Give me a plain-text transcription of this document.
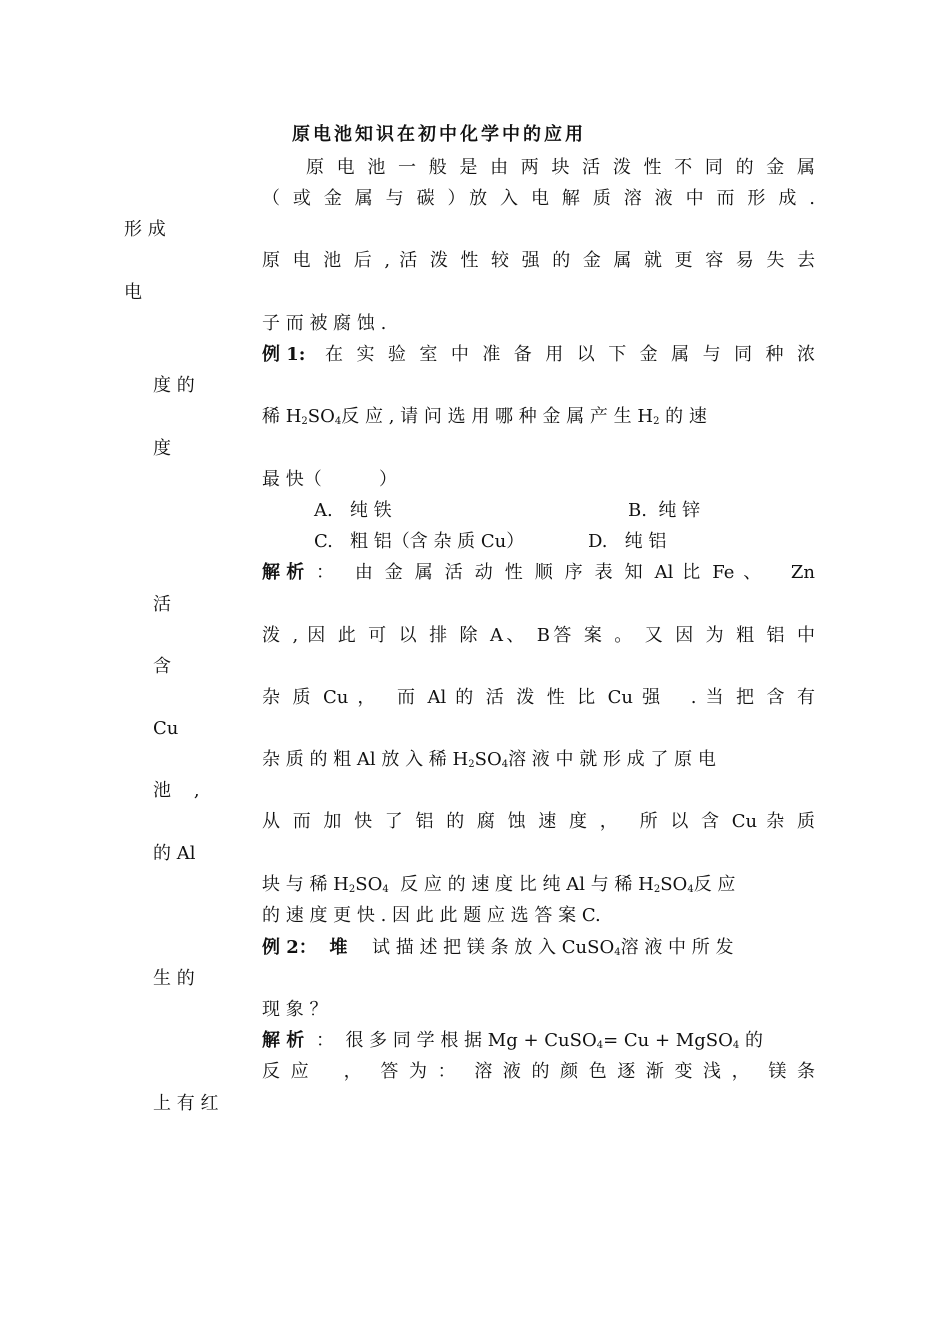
原电池知识在初中化学中的应用
原 电 池 一 般 是 由 两 块 活 泼 性 不 同 的 金 属
（ 或 金 属 与 碳 ）放 入 电 解 质 溶 液 中 而 形 成 .
形 成
原 电 池 后 , 活 泼 性 较 强 的 金 属 就 更 容 易 失 去
电
子 而 被 腐 蚀 .
例 1: 在 实 验 室 中 准 备 用 以 下 金 属 与 同 种 浓
度 的
稀 $H_2SO_4$反 应 , 请 问 选 用 哪 种 金 属 产 生 $H_2$ 的 速
度
最 快（          ）
A.   纯 铁	B.  纯 锌
C.   粗 铝（含 杂 质 Cu）	D.   纯 铝
解 析 ：  由 金 属 活 动 性 顺 序 表 知 Al 比 Fe 、   Zn
活
泼 , 因 此 可 以 排 除 A、 B答 案 。 又 因 为 粗 铝 中
含
杂 质 Cu ，  而 Al 的 活 泼 性 比 Cu 强   . 当 把 含 有
Cu
杂 质 的 粗 Al 放 入 稀 $H_2SO_4$溶 液 中 就 形 成 了 原 电
池    ,
从 而 加 快 了 铝 的 腐 蚀 速 度 ，  所 以 含 Cu 杂 质
的 Al
块 与 稀 $H_2SO_4$  反 应 的 速 度 比 纯 Al 与 稀 $H_2SO_4$反 应
的 速 度 更 快 . 因 此 此 题 应 选 答 案 C.
例 2：  堆 试 描 述 把 镁 条 放 入 CuSO$_4$溶 液 中 所 发
生 的
现 象 ？
解 析 ：  很 多 同 学 根 据 Mg + CuSO$_4$= Cu + MgSO$_4$ 的
反 应    ，  答 为 ：  溶 液 的 颜 色 逐 渐 变 浅 ，  镁 条
上 有 红
